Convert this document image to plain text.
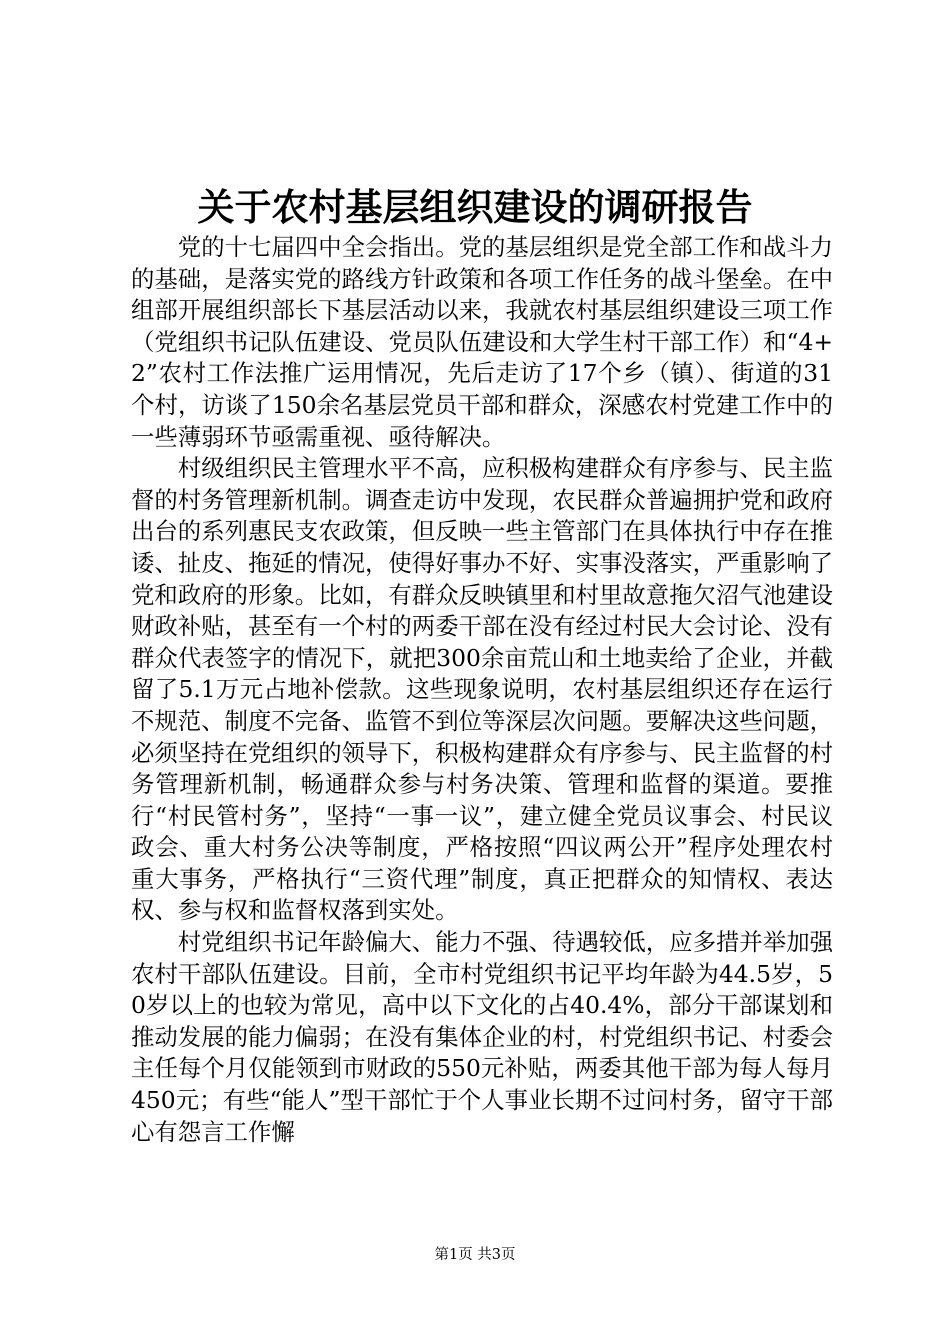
关于农村基层组织建设的调研报告

党的十七届四中全会指出。党的基层组织是党全部工作和战斗力的基础，是落实党的路线方针政策和各项工作任务的战斗堡垒。在中组部开展组织部长下基层活动以来，我就农村基层组织建设三项工作（党组织书记队伍建设、党员队伍建设和大学生村干部工作）和“4+2”农村工作法推广运用情况，先后走访了17个乡（镇）、街道的31个村，访谈了150余名基层党员干部和群众，深感农村党建工作中的一些薄弱环节亟需重视、亟待解决。

村级组织民主管理水平不高，应积极构建群众有序参与、民主监督的村务管理新机制。调查走访中发现，农民群众普遍拥护党和政府出台的系列惠民支农政策，但反映一些主管部门在具体执行中存在推诿、扯皮、拖延的情况，使得好事办不好、实事没落实，严重影响了党和政府的形象。比如，有群众反映镇里和村里故意拖欠沼气池建设财政补贴，甚至有一个村的两委干部在没有经过村民大会讨论、没有群众代表签字的情况下，就把300余亩荒山和土地卖给了企业，并截留了5.1万元占地补偿款。这些现象说明，农村基层组织还存在运行不规范、制度不完备、监管不到位等深层次问题。要解决这些问题，必须坚持在党组织的领导下，积极构建群众有序参与、民主监督的村务管理新机制，畅通群众参与村务决策、管理和监督的渠道。要推行“村民管村务”，坚持“一事一议”，建立健全党员议事会、村民议政会、重大村务公决等制度，严格按照“四议两公开”程序处理农村重大事务，严格执行“三资代理”制度，真正把群众的知情权、表达权、参与权和监督权落到实处。

村党组织书记年龄偏大、能力不强、待遇较低，应多措并举加强农村干部队伍建设。目前，全市村党组织书记平均年龄为44.5岁，50岁以上的也较为常见，高中以下文化的占40.4%，部分干部谋划和推动发展的能力偏弱；在没有集体企业的村，村党组织书记、村委会主任每个月仅能领到市财政的550元补贴，两委其他干部为每人每月450元；有些“能人”型干部忙于个人事业长期不过问村务，留守干部心有怨言工作懈

第1页 共3页
